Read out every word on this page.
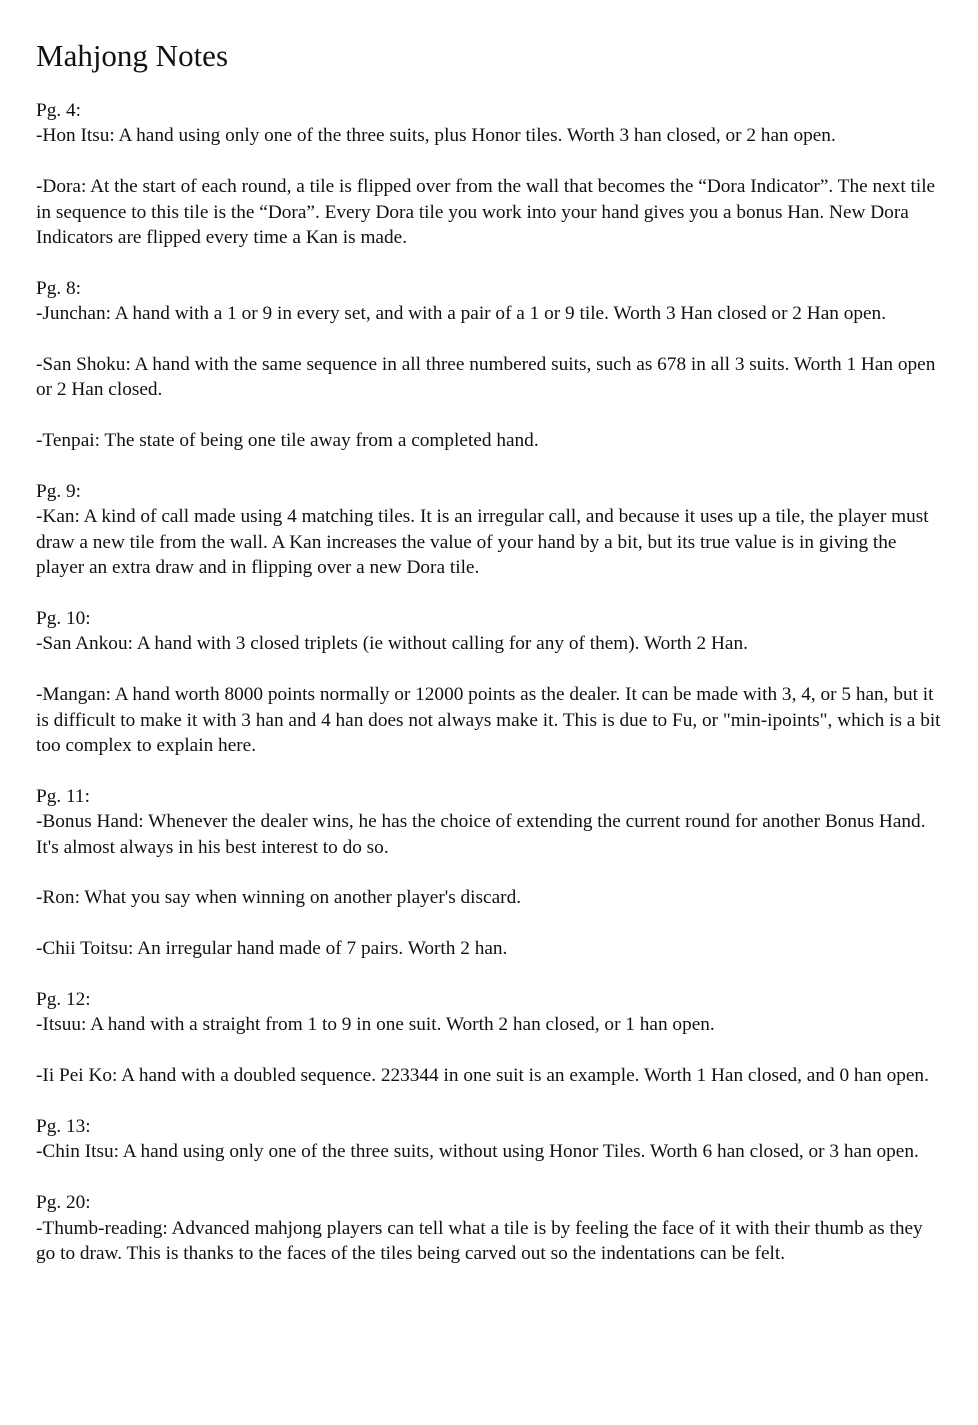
Mahjong Notes

Pg. 4:

-Hon Itsu: A hand using only one of the three suits, plus Honor tiles. Worth 3 han closed, or 2 han open.

-Dora: At the start of each round, a tile is flipped over from the wall that becomes the “Dora Indicator”. The next tile in sequence to this tile is the “Dora”. Every Dora tile you work into your hand gives you a bonus Han. New Dora Indicators are flipped every time a Kan is made.

Pg. 8:

-Junchan: A hand with a 1 or 9 in every set, and with a pair of a 1 or 9 tile. Worth 3 Han closed or 2 Han open.

-San Shoku: A hand with the same sequence in all three numbered suits, such as 678 in all 3 suits. Worth 1 Han open or 2 Han closed.

-Tenpai: The state of being one tile away from a completed hand.

Pg. 9:

-Kan: A kind of call made using 4 matching tiles. It is an irregular call, and because it uses up a tile, the player must draw a new tile from the wall. A Kan increases the value of your hand by a bit, but its true value is in giving the player an extra draw and in flipping over a new Dora tile.

Pg. 10:

-San Ankou: A hand with 3 closed triplets (ie without calling for any of them). Worth 2 Han.

-Mangan: A hand worth 8000 points normally or 12000 points as the dealer. It can be made with 3, 4, or 5 han, but it is difficult to make it with 3 han and 4 han does not always make it. This is due to Fu, or "min-ipoints", which is a bit too complex to explain here.

Pg. 11:

-Bonus Hand: Whenever the dealer wins, he has the choice of extending the current round for another Bonus Hand. It's almost always in his best interest to do so.

-Ron: What you say when winning on another player's discard.

-Chii Toitsu: An irregular hand made of 7 pairs. Worth 2 han.

Pg. 12:

-Itsuu: A hand with a straight from 1 to 9 in one suit. Worth 2 han closed, or 1 han open.

-Ii Pei Ko: A hand with a doubled sequence. 223344 in one suit is an example. Worth 1 Han closed, and 0 han open.

Pg. 13:

-Chin Itsu: A hand using only one of the three suits, without using Honor Tiles. Worth 6 han closed, or 3 han open.

Pg. 20:

-Thumb-reading: Advanced mahjong players can tell what a tile is by feeling the face of it with their thumb as they go to draw. This is thanks to the faces of the tiles being carved out so the indentations can be felt.
